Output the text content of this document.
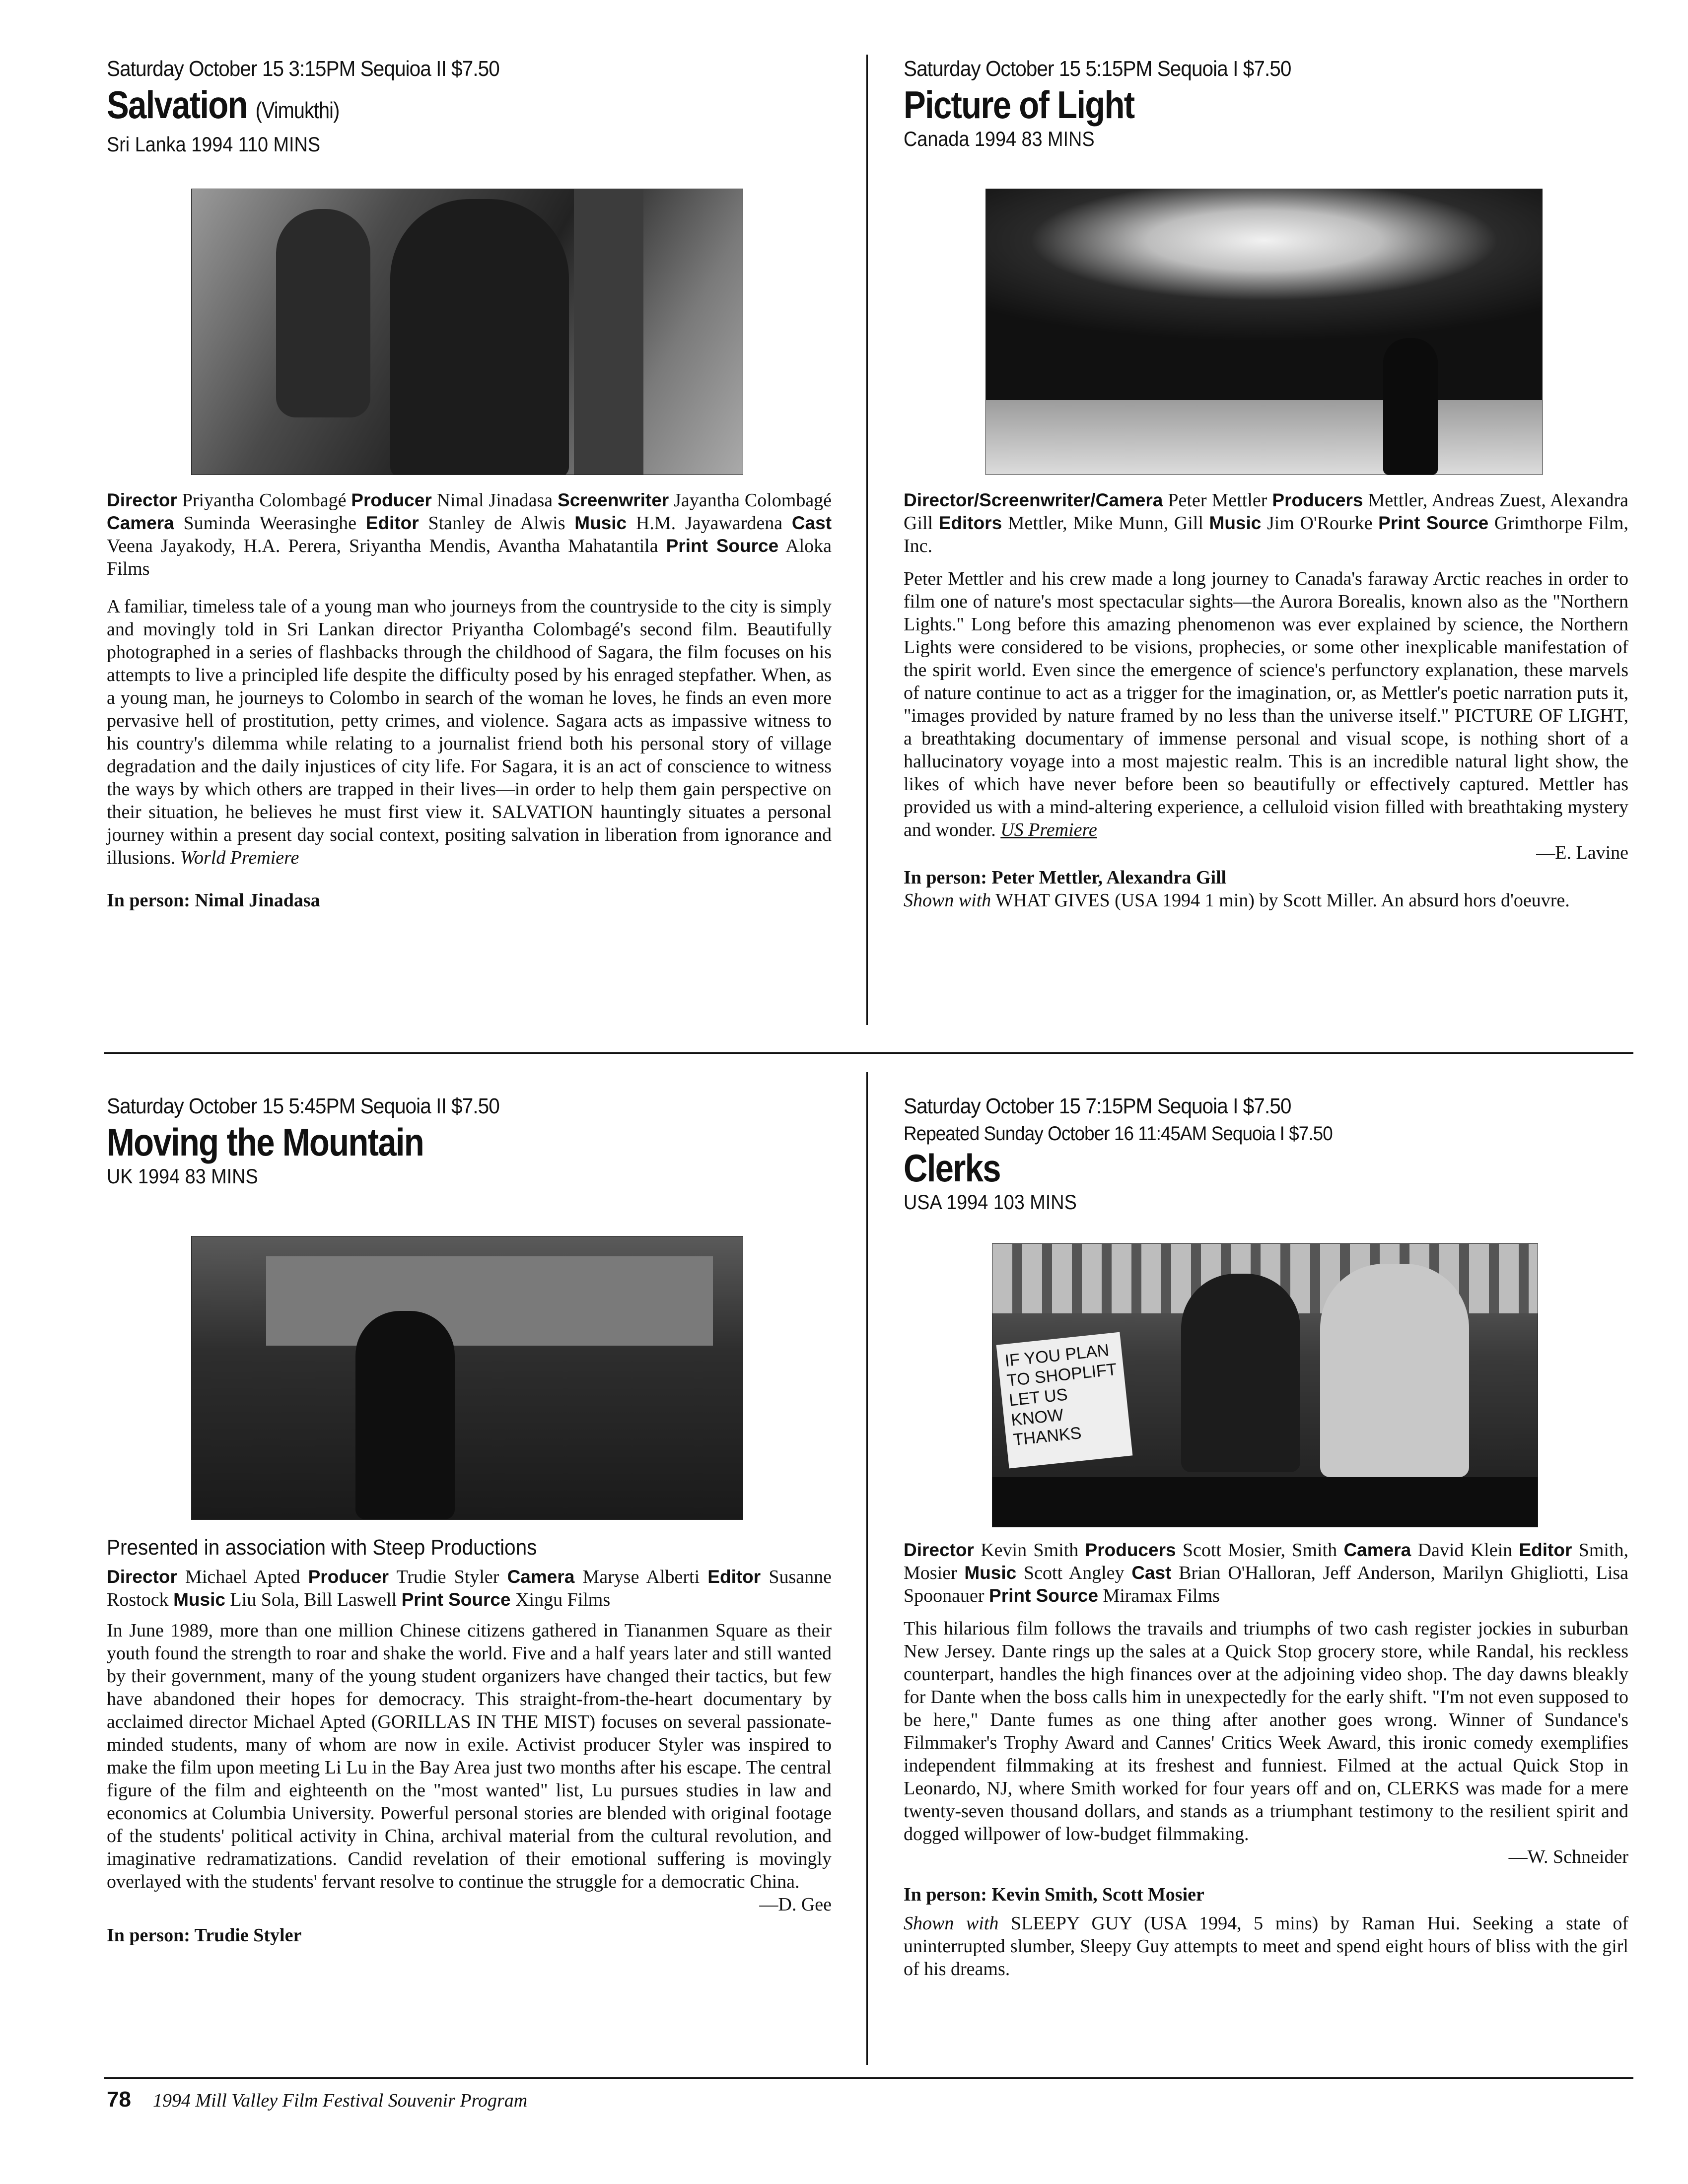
Saturday October 15 3:15PM Sequioa II $7.50
Salvation (Vimukthi)
Sri Lanka 1994 110 MINS
Director Priyantha Colombagé Producer Nimal Jinadasa Screenwriter Jayantha Colombagé Camera Suminda Weerasinghe Editor Stanley de Alwis Music H.M. Jayawardena Cast Veena Jayakody, H.A. Perera, Sriyantha Mendis, Avantha Mahatantila Print Source Aloka Films
A familiar, timeless tale of a young man who journeys from the countryside to the city is simply and movingly told in Sri Lankan director Priyantha Colombagé's second film. Beautifully photographed in a series of flashbacks through the childhood of Sagara, the film focuses on his attempts to live a principled life despite the difficulty posed by his enraged stepfather. When, as a young man, he journeys to Colombo in search of the woman he loves, he finds an even more pervasive hell of prostitution, petty crimes, and violence. Sagara acts as impassive witness to his country's dilemma while relating to a journalist friend both his personal story of village degradation and the daily injustices of city life. For Sagara, it is an act of conscience to witness the ways by which others are trapped in their lives—in order to help them gain perspective on their situation, he believes he must first view it. SALVATION hauntingly situates a personal journey within a present day social context, positing salvation in liberation from ignorance and illusions. World Premiere
In person: Nimal Jinadasa
Saturday October 15 5:15PM Sequoia I $7.50
Picture of Light
Canada 1994 83 MINS
Director/Screenwriter/Camera Peter Mettler Producers Mettler, Andreas Zuest, Alexandra Gill Editors Mettler, Mike Munn, Gill Music Jim O'Rourke Print Source Grimthorpe Film, Inc.
Peter Mettler and his crew made a long journey to Canada's faraway Arctic reaches in order to film one of nature's most spectacular sights—the Aurora Borealis, known also as the "Northern Lights." Long before this amazing phenomenon was ever explained by science, the Northern Lights were considered to be visions, prophecies, or some other inexplicable manifestation of the spirit world. Even since the emergence of science's perfunctory explanation, these marvels of nature continue to act as a trigger for the imagination, or, as Mettler's poetic narration puts it, "images provided by nature framed by no less than the universe itself." PICTURE OF LIGHT, a breathtaking documentary of immense personal and visual scope, is nothing short of a hallucinatory voyage into a most majestic realm. This is an incredible natural light show, the likes of which have never before been so beautifully or effectively captured. Mettler has provided us with a mind-altering experience, a celluloid vision filled with breathtaking mystery and wonder. US Premiere
—E. Lavine
In person: Peter Mettler, Alexandra Gill
Shown with WHAT GIVES (USA 1994 1 min) by Scott Miller. An absurd hors d'oeuvre.
Saturday October 15 5:45PM Sequoia II $7.50
Moving the Mountain
UK 1994 83 MINS
Presented in association with Steep Productions
Director Michael Apted Producer Trudie Styler Camera Maryse Alberti Editor Susanne Rostock Music Liu Sola, Bill Laswell Print Source Xingu Films
In June 1989, more than one million Chinese citizens gathered in Tiananmen Square as their youth found the strength to roar and shake the world. Five and a half years later and still wanted by their government, many of the young student organizers have changed their tactics, but few have abandoned their hopes for democracy. This straight-from-the-heart documentary by acclaimed director Michael Apted (GORILLAS IN THE MIST) focuses on several passionate-minded students, many of whom are now in exile. Activist producer Styler was inspired to make the film upon meeting Li Lu in the Bay Area just two months after his escape. The central figure of the film and eighteenth on the "most wanted" list, Lu pursues studies in law and economics at Columbia University. Powerful personal stories are blended with original footage of the students' political activity in China, archival material from the cultural revolution, and imaginative redramatizations. Candid revelation of their emotional suffering is movingly overlayed with the students' fervant resolve to continue the struggle for a democratic China.
—D. Gee
In person: Trudie Styler
Saturday October 15 7:15PM Sequoia I $7.50
Repeated Sunday October 16 11:45AM Sequoia I $7.50
Clerks
USA 1994 103 MINS
IF YOU PLAN TO SHOPLIFT LET US KNOW THANKS
Director Kevin Smith Producers Scott Mosier, Smith Camera David Klein Editor Smith, Mosier Music Scott Angley Cast Brian O'Halloran, Jeff Anderson, Marilyn Ghigliotti, Lisa Spoonauer Print Source Miramax Films
This hilarious film follows the travails and triumphs of two cash register jockies in suburban New Jersey. Dante rings up the sales at a Quick Stop grocery store, while Randal, his reckless counterpart, handles the high finances over at the adjoining video shop. The day dawns bleakly for Dante when the boss calls him in unexpectedly for the early shift. "I'm not even supposed to be here," Dante fumes as one thing after another goes wrong. Winner of Sundance's Filmmaker's Trophy Award and Cannes' Critics Week Award, this ironic comedy exemplifies independent filmmaking at its freshest and funniest. Filmed at the actual Quick Stop in Leonardo, NJ, where Smith worked for four years off and on, CLERKS was made for a mere twenty-seven thousand dollars, and stands as a triumphant testimony to the resilient spirit and dogged willpower of low-budget filmmaking.
—W. Schneider
In person: Kevin Smith, Scott Mosier
Shown with SLEEPY GUY (USA 1994, 5 mins) by Raman Hui. Seeking a state of uninterrupted slumber, Sleepy Guy attempts to meet and spend eight hours of bliss with the girl of his dreams.
78 1994 Mill Valley Film Festival Souvenir Program
